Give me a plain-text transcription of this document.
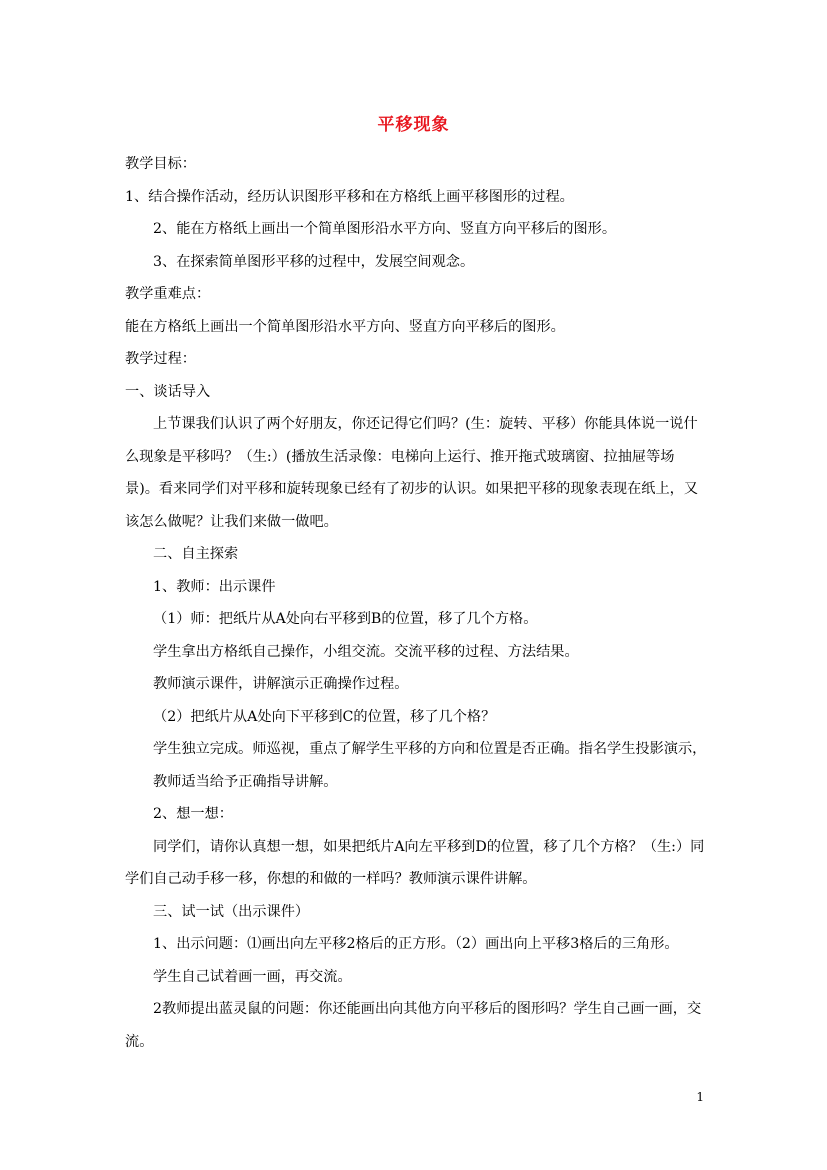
平移现象

教学目标：

1、结合操作活动，经历认识图形平移和在方格纸上画平移图形的过程。

2、能在方格纸上画出一个简单图形沿水平方向、竖直方向平移后的图形。

3、在探索简单图形平移的过程中，发展空间观念。

教学重难点：

能在方格纸上画出一个简单图形沿水平方向、竖直方向平移后的图形。

教学过程：

一、谈话导入

上节课我们认识了两个好朋友，你还记得它们吗？(生：旋转、平移）你能具体说一说什么现象是平移吗？（生:）(播放生活录像：电梯向上运行、推开拖式玻璃窗、拉抽屉等场景)。看来同学们对平移和旋转现象已经有了初步的认识。如果把平移的现象表现在纸上，又该怎么做呢？让我们来做一做吧。

二、自主探索

1、教师：出示课件

（1）师：把纸片从A处向右平移到B的位置，移了几个方格。

学生拿出方格纸自己操作，小组交流。交流平移的过程、方法结果。

教师演示课件，讲解演示正确操作过程。

（2）把纸片从A处向下平移到C的位置，移了几个格？

学生独立完成。师巡视，重点了解学生平移的方向和位置是否正确。指名学生投影演示，

教师适当给予正确指导讲解。

2、想一想：

同学们，请你认真想一想，如果把纸片A向左平移到D的位置，移了几个方格？（生:）同学们自己动手移一移，你想的和做的一样吗？教师演示课件讲解。

三、试一试（出示课件）

1、出示问题：⑴画出向左平移2格后的正方形。（2）画出向上平移3格后的三角形。

学生自己试着画一画，再交流。

2教师提出蓝灵鼠的问题：你还能画出向其他方向平移后的图形吗？学生自己画一画，交流。

1
